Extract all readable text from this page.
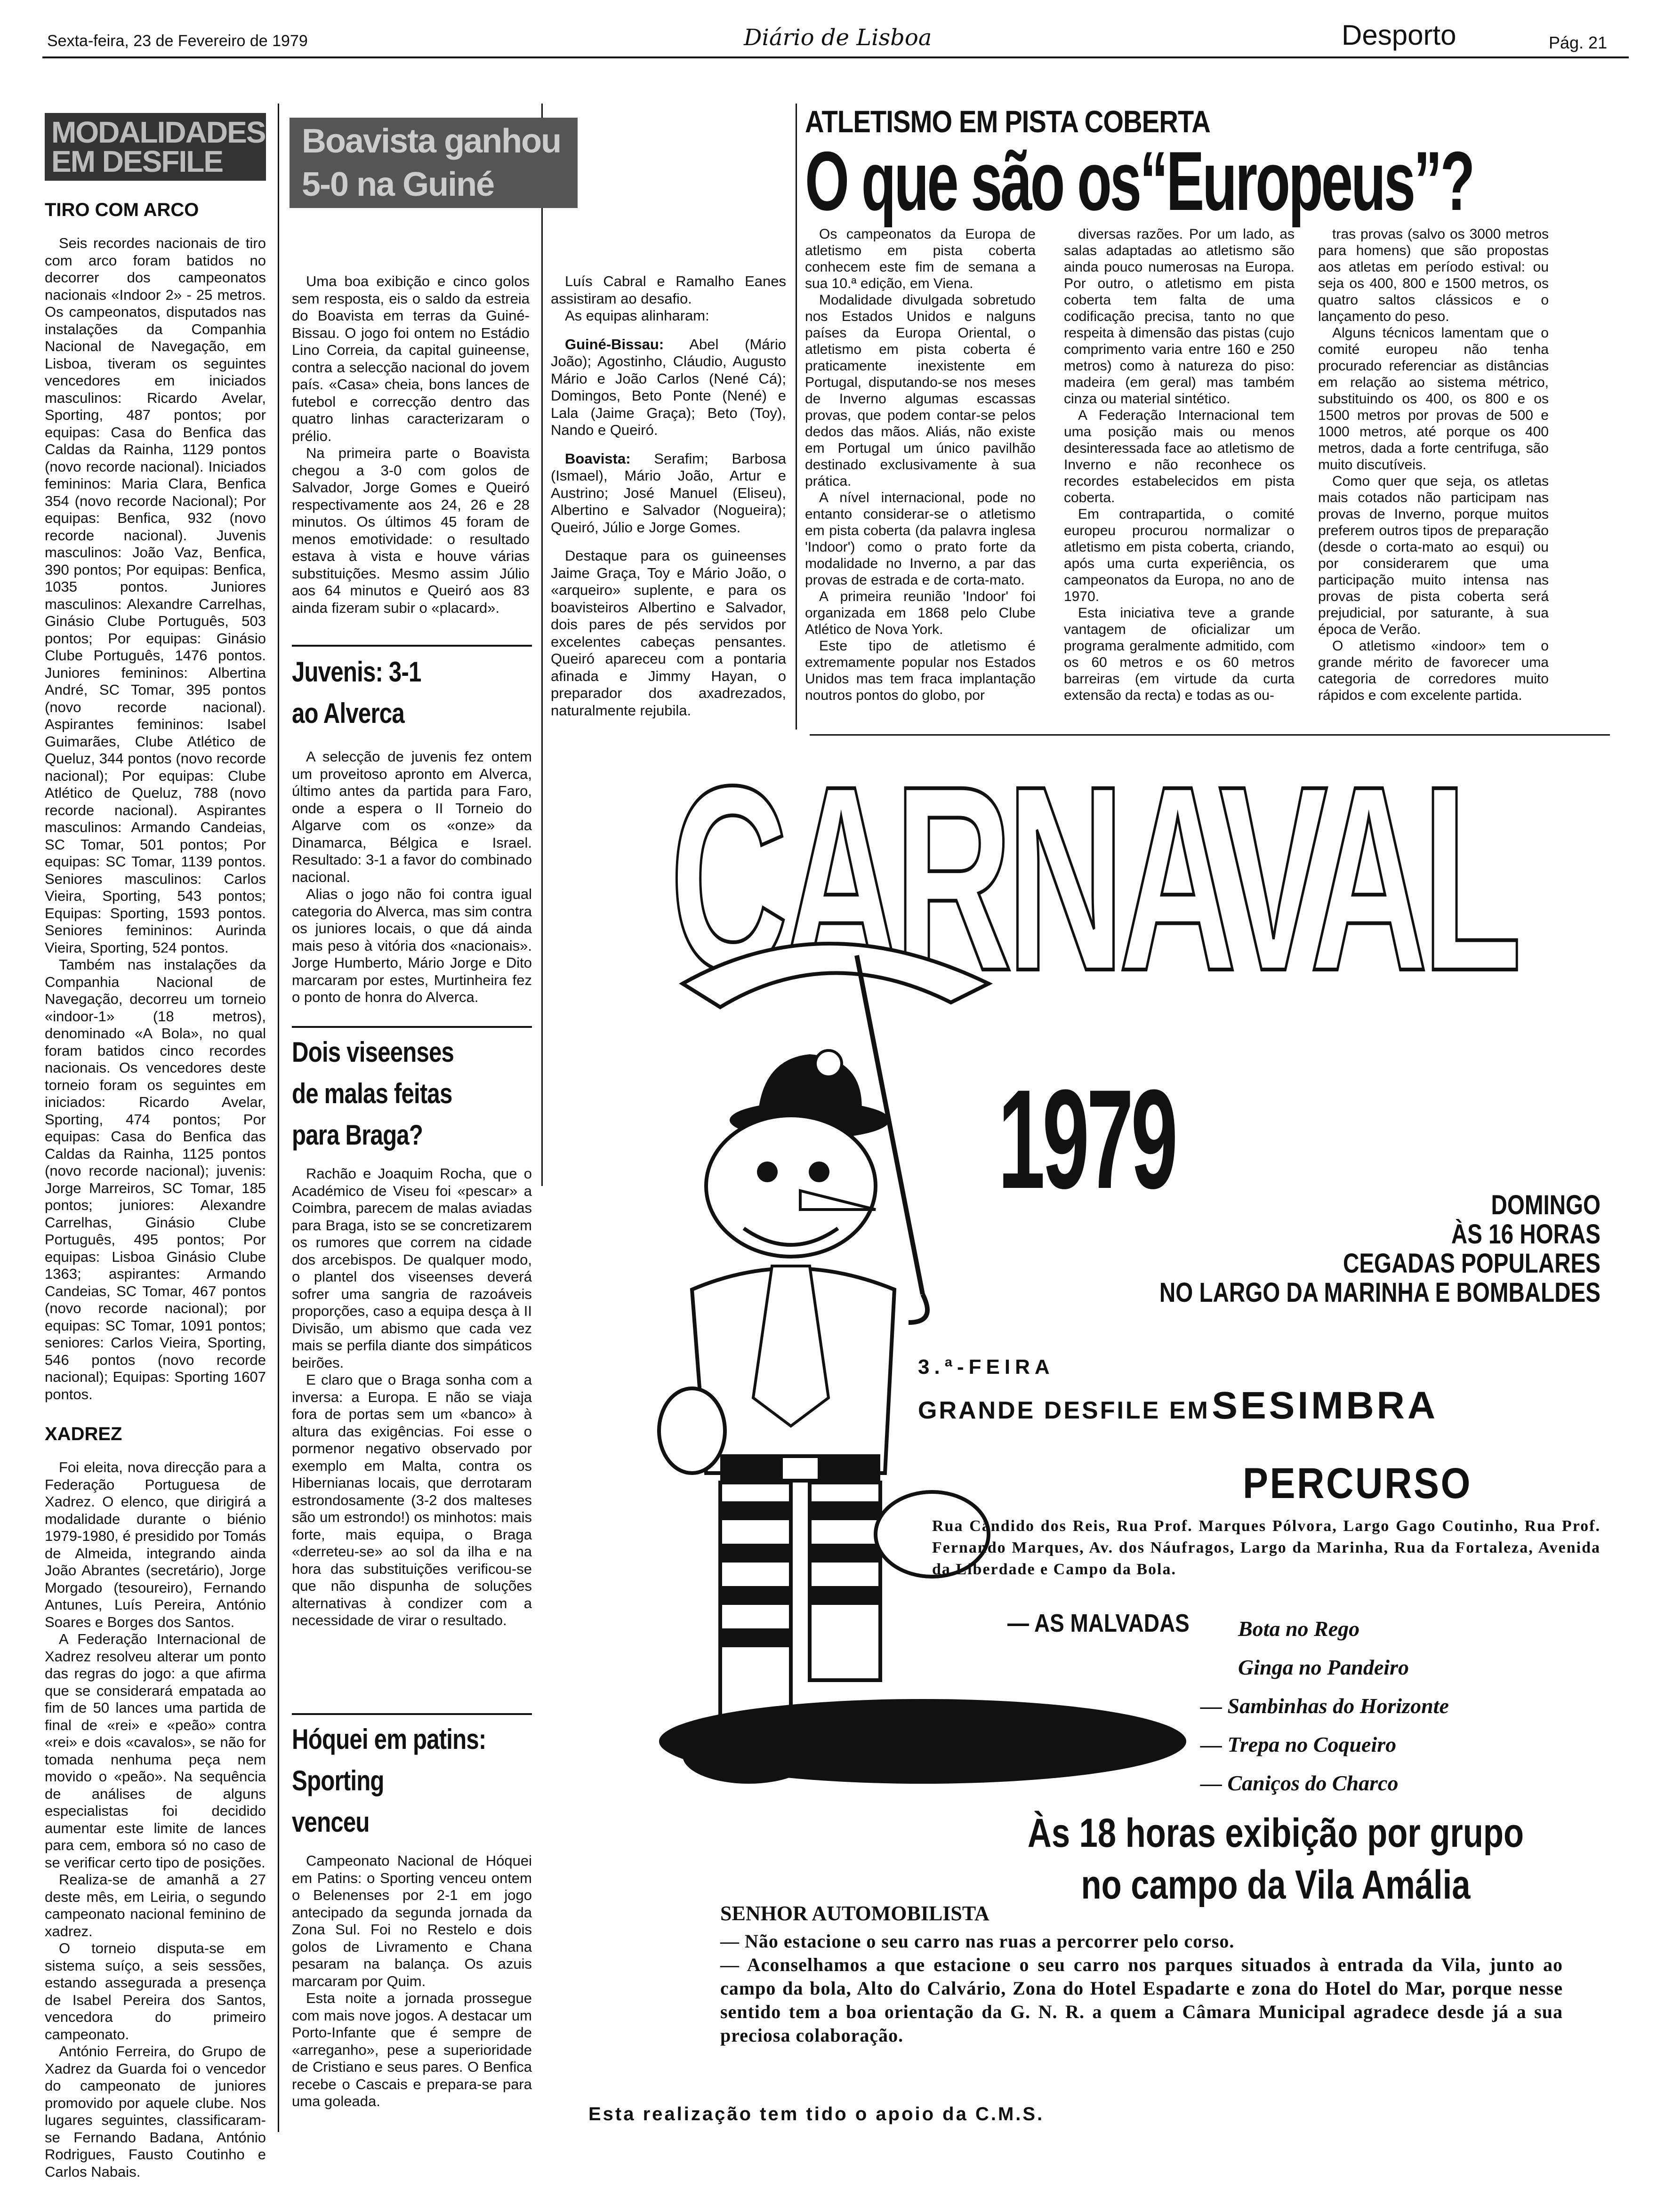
Sexta-feira, 23 de Fevereiro de 1979	Diário de Lisboa	Desporto	Pág. 21
MODALIDADES EM DESFILE
TIRO COM ARCO

Seis recordes nacionais de tiro com arco foram batidos no decorrer dos campeonatos nacionais «Indoor 2» - 25 metros. Os campeonatos, disputados nas instalações da Companhia Nacional de Navegação, em Lisboa, tiveram os seguintes vencedores em iniciados masculinos: Ricardo Avelar, Sporting, 487 pontos; por equipas: Casa do Benfica das Caldas da Rainha, 1129 pontos (novo recorde nacional). Iniciados femininos: Maria Clara, Benfica 354 (novo recorde Nacional); Por equipas: Benfica, 932 (novo recorde nacional). Juvenis masculinos: João Vaz, Benfica, 390 pontos; Por equipas: Benfica, 1035 pontos. Juniores masculinos: Alexandre Carrelhas, Ginásio Clube Português, 503 pontos; Por equipas: Ginásio Clube Português, 1476 pontos. Juniores femininos: Albertina André, SC Tomar, 395 pontos (novo recorde nacional). Aspirantes femininos: Isabel Guimarães, Clube Atlético de Queluz, 344 pontos (novo recorde nacional); Por equipas: Clube Atlético de Queluz, 788 (novo recorde nacional). Aspirantes masculinos: Armando Candeias, SC Tomar, 501 pontos; Por equipas: SC Tomar, 1139 pontos. Seniores masculinos: Carlos Vieira, Sporting, 543 pontos; Equipas: Sporting, 1593 pontos. Seniores femininos: Aurinda Vieira, Sporting, 524 pontos.

Também nas instalações da Companhia Nacional de Navegação, decorreu um torneio «indoor-1» (18 metros), denominado «A Bola», no qual foram batidos cinco recordes nacionais. Os vencedores deste torneio foram os seguintes em iniciados: Ricardo Avelar, Sporting, 474 pontos; Por equipas: Casa do Benfica das Caldas da Rainha, 1125 pontos (novo recorde nacional); juvenis: Jorge Marreiros, SC Tomar, 185 pontos; juniores: Alexandre Carrelhas, Ginásio Clube Português, 495 pontos; Por equipas: Lisboa Ginásio Clube 1363; aspirantes: Armando Candeias, SC Tomar, 467 pontos (novo recorde nacional); por equipas: SC Tomar, 1091 pontos; seniores: Carlos Vieira, Sporting, 546 pontos (novo recorde nacional); Equipas: Sporting 1607 pontos.

XADREZ

Foi eleita, nova direcção para a Federação Portuguesa de Xadrez. O elenco, que dirigirá a modalidade durante o biénio 1979-1980, é presidido por Tomás de Almeida, integrando ainda João Abrantes (secretário), Jorge Morgado (tesoureiro), Fernando Antunes, Luís Pereira, António Soares e Borges dos Santos.

A Federação Internacional de Xadrez resolveu alterar um ponto das regras do jogo: a que afirma que se considerará empatada ao fim de 50 lances uma partida de final de «rei» e «peão» contra «rei» e dois «cavalos», se não for tomada nenhuma peça nem movido o «peão». Na sequência de análises de alguns especialistas foi decidido aumentar este limite de lances para cem, embora só no caso de se verificar certo tipo de posições.

Realiza-se de amanhã a 27 deste mês, em Leiria, o segundo campeonato nacional feminino de xadrez.

O torneio disputa-se em sistema suíço, a seis sessões, estando assegurada a presença de Isabel Pereira dos Santos, vencedora do primeiro campeonato.

António Ferreira, do Grupo de Xadrez da Guarda foi o vencedor do campeonato de juniores promovido por aquele clube. Nos lugares seguintes, classificaram-se Fernando Badana, António Rodrigues, Fausto Coutinho e Carlos Nabais.

Boavista ganhou
5-0 na Guiné

Uma boa exibição e cinco golos sem resposta, eis o saldo da estreia do Boavista em terras da Guiné-Bissau. O jogo foi ontem no Estádio Lino Correia, da capital guineense, contra a selecção nacional do jovem país. «Casa» cheia, bons lances de futebol e correcção dentro das quatro linhas caracterizaram o prélio.

Na primeira parte o Boavista chegou a 3-0 com golos de Salvador, Jorge Gomes e Queiró respectivamente aos 24, 26 e 28 minutos. Os últimos 45 foram de menos emotividade: o resultado estava à vista e houve várias substituições. Mesmo assim Júlio aos 64 minutos e Queiró aos 83 ainda fizeram subir o «placard».

Luís Cabral e Ramalho Eanes assistiram ao desafio.

As equipas alinharam:

Guiné-Bissau: Abel (Mário João); Agostinho, Cláudio, Augusto Mário e João Carlos (Nené Cá); Domingos, Beto Ponte (Nené) e Lala (Jaime Graça); Beto (Toy), Nando e Queiró.

Boavista: Serafim; Barbosa (Ismael), Mário João, Artur e Austrino; José Manuel (Eliseu), Albertino e Salvador (Nogueira); Queiró, Júlio e Jorge Gomes.

Destaque para os guineenses Jaime Graça, Toy e Mário João, o «arqueiro» suplente, e para os boavisteiros Albertino e Salvador, dois pares de pés servidos por excelentes cabeças pensantes. Queiró apareceu com a pontaria afinada e Jimmy Hayan, o preparador dos axadrezados, naturalmente rejubila.

Juvenis: 3-1
ao Alverca

A selecção de juvenis fez ontem um proveitoso apronto em Alverca, último antes da partida para Faro, onde a espera o II Torneio do Algarve com os «onze» da Dinamarca, Bélgica e Israel. Resultado: 3-1 a favor do combinado nacional.

Alias o jogo não foi contra igual categoria do Alverca, mas sim contra os juniores locais, o que dá ainda mais peso à vitória dos «nacionais». Jorge Humberto, Mário Jorge e Dito marcaram por estes, Murtinheira fez o ponto de honra do Alverca.

Dois viseenses
de malas feitas
para Braga?

Rachão e Joaquim Rocha, que o Académico de Viseu foi «pescar» a Coimbra, parecem de malas aviadas para Braga, isto se se concretizarem os rumores que correm na cidade dos arcebispos. De qualquer modo, o plantel dos viseenses deverá sofrer uma sangria de razoáveis proporções, caso a equipa desça à II Divisão, um abismo que cada vez mais se perfila diante dos simpáticos beirões.

E claro que o Braga sonha com a inversa: a Europa. E não se viaja fora de portas sem um «banco» à altura das exigências. Foi esse o pormenor negativo observado por exemplo em Malta, contra os Hibernianas locais, que derrotaram estrondosamente (3-2 dos malteses são um estrondo!) os minhotos: mais forte, mais equipa, o Braga «derreteu-se» ao sol da ilha e na hora das substituições verificou-se que não dispunha de soluções alternativas à condizer com a necessidade de virar o resultado.

Hóquei em patins:
Sporting
venceu

Campeonato Nacional de Hóquei em Patins: o Sporting venceu ontem o Belenenses por 2-1 em jogo antecipado da segunda jornada da Zona Sul. Foi no Restelo e dois golos de Livramento e Chana pesaram na balança. Os azuis marcaram por Quim.

Esta noite a jornada prossegue com mais nove jogos. A destacar um Porto-Infante que é sempre de «arreganho», pese a superioridade de Cristiano e seus pares. O Benfica recebe o Cascais e prepara-se para uma goleada.

ATLETISMO EM PISTA COBERTA
O que são os“Europeus”?

Os campeonatos da Europa de atletismo em pista coberta conhecem este fim de semana a sua 10.ª edição, em Viena.

Modalidade divulgada sobretudo nos Estados Unidos e nalguns países da Europa Oriental, o atletismo em pista coberta é praticamente inexistente em Portugal, disputando-se nos meses de Inverno algumas escassas provas, que podem contar-se pelos dedos das mãos. Aliás, não existe em Portugal um único pavilhão destinado exclusivamente à sua prática.

A nível internacional, pode no entanto considerar-se o atletismo em pista coberta (da palavra inglesa 'Indoor') como o prato forte da modalidade no Inverno, a par das provas de estrada e de corta-mato.

A primeira reunião 'Indoor' foi organizada em 1868 pelo Clube Atlético de Nova York.

Este tipo de atletismo é extremamente popular nos Estados Unidos mas tem fraca implantação noutros pontos do globo, por

diversas razões. Por um lado, as salas adaptadas ao atletismo são ainda pouco numerosas na Europa. Por outro, o atletismo em pista coberta tem falta de uma codificação precisa, tanto no que respeita à dimensão das pistas (cujo comprimento varia entre 160 e 250 metros) como à natureza do piso: madeira (em geral) mas também cinza ou material sintético.

A Federação Internacional tem uma posição mais ou menos desinteressada face ao atletismo de Inverno e não reconhece os recordes estabelecidos em pista coberta.

Em contrapartida, o comité europeu procurou normalizar o atletismo em pista coberta, criando, após uma curta experiência, os campeonatos da Europa, no ano de 1970.

Esta iniciativa teve a grande vantagem de oficializar um programa geralmente admitido, com os 60 metros e os 60 metros barreiras (em virtude da curta extensão da recta) e todas as ou-

tras provas (salvo os 3000 metros para homens) que são propostas aos atletas em período estival: ou seja os 400, 800 e 1500 metros, os quatro saltos clássicos e o lançamento do peso.

Alguns técnicos lamentam que o comité europeu não tenha procurado referenciar as distâncias em relação ao sistema métrico, substituindo os 400, os 800 e os 1500 metros por provas de 500 e 1000 metros, até porque os 400 metros, dada a forte centrifuga, são muito discutíveis.

Como quer que seja, os atletas mais cotados não participam nas provas de Inverno, porque muitos preferem outros tipos de preparação (desde o corta-mato ao esqui) ou por considerarem que uma participação muito intensa nas provas de pista coberta será prejudicial, por saturante, à sua época de Verão.

O atletismo «indoor» tem o grande mérito de favorecer uma categoria de corredores muito rápidos e com excelente partida.

CARNAVAL
1979	DOMINGO
ÀS 16 HORAS
CEGADAS POPULARES
NO LARGO DA MARINHA E BOMBALDES
3.ª-FEIRA
GRANDE DESFILE EM SESIMBRA
PERCURSO
Rua Cândido dos Reis, Rua Prof. Marques Pólvora, Largo Gago Coutinho, Rua Prof. Fernando Marques, Av. dos Náufragos, Largo da Marinha, Rua da Fortaleza, Avenida da Liberdade e Campo da Bola.
— AS MALVADAS Bota no Rego
Ginga no Pandeiro
— Sambinhas do Horizonte
— Trepa no Coqueiro
— Caniços do Charco
Às 18 horas exibição por grupo
no campo da Vila Amália
SENHOR AUTOMOBILISTA
— Não estacione o seu carro nas ruas a percorrer pelo corso.
— Aconselhamos a que estacione o seu carro nos parques situados à entrada da Vila, junto ao campo da bola, Alto do Calvário, Zona do Hotel Espadarte e zona do Hotel do Mar, porque nesse sentido tem a boa orientação da G. N. R. a quem a Câmara Municipal agradece desde já a sua preciosa colaboração.
Esta realização tem tido o apoio da C.M.S.
